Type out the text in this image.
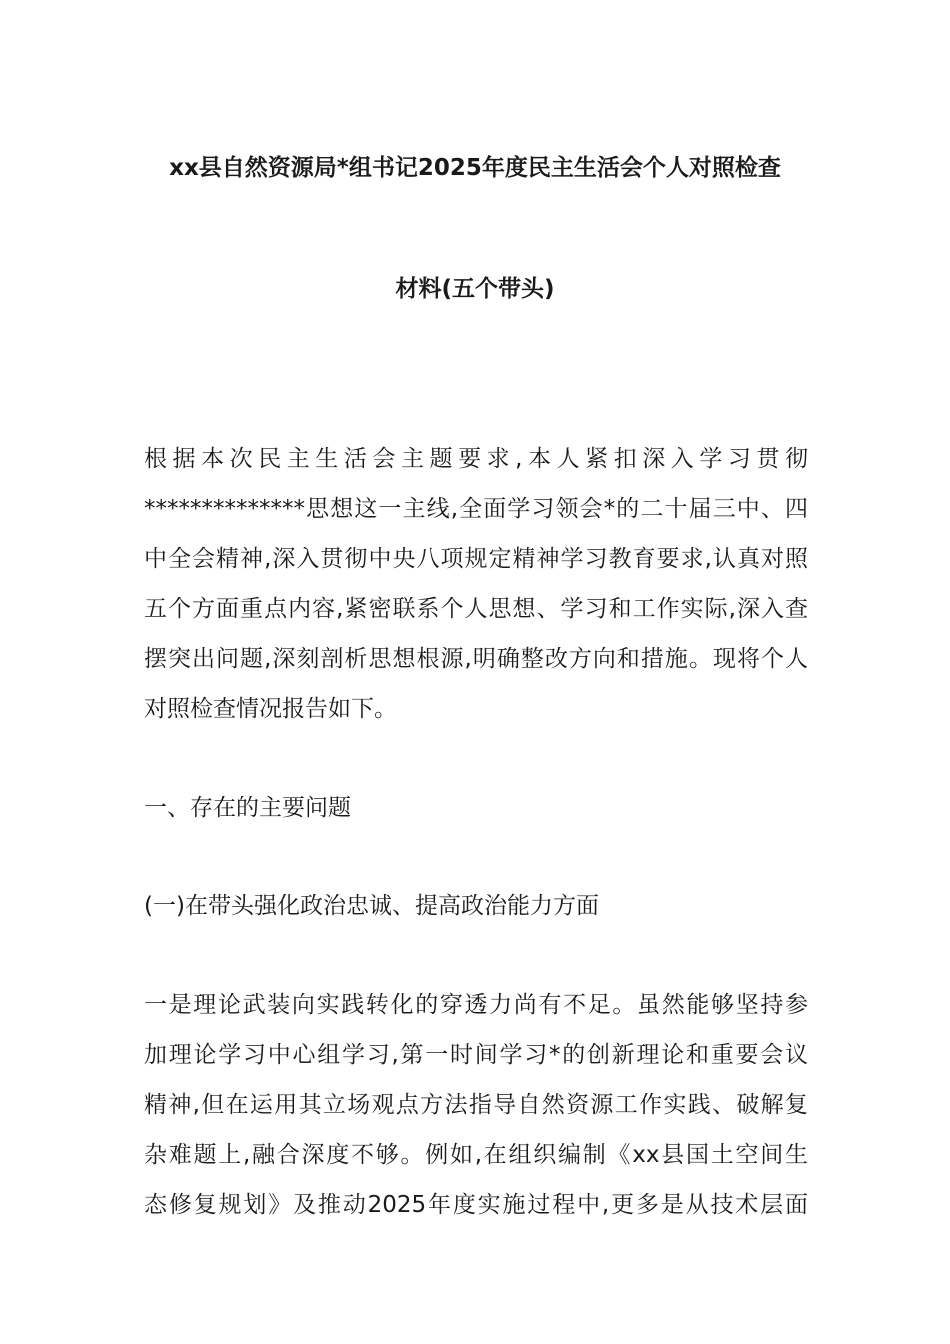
xx县自然资源局*组书记2025年度民主生活会个人对照检查
材料(五个带头)
根据本次民主生活会主题要求,本人紧扣深入学习贯彻
**************思想这一主线,全面学习领会*的二十届三中、四
中全会精神,深入贯彻中央八项规定精神学习教育要求,认真对照
五个方面重点内容,紧密联系个人思想、学习和工作实际,深入查
摆突出问题,深刻剖析思想根源,明确整改方向和措施。现将个人
对照检查情况报告如下。
一、存在的主要问题
(一)在带头强化政治忠诚、提高政治能力方面
一是理论武装向实践转化的穿透力尚有不足。虽然能够坚持参
加理论学习中心组学习,第一时间学习*的创新理论和重要会议
精神,但在运用其立场观点方法指导自然资源工作实践、破解复
杂难题上,融合深度不够。例如,在组织编制《xx县国土空间生
态修复规划》及推动2025年度实施过程中,更多是从技术层面
